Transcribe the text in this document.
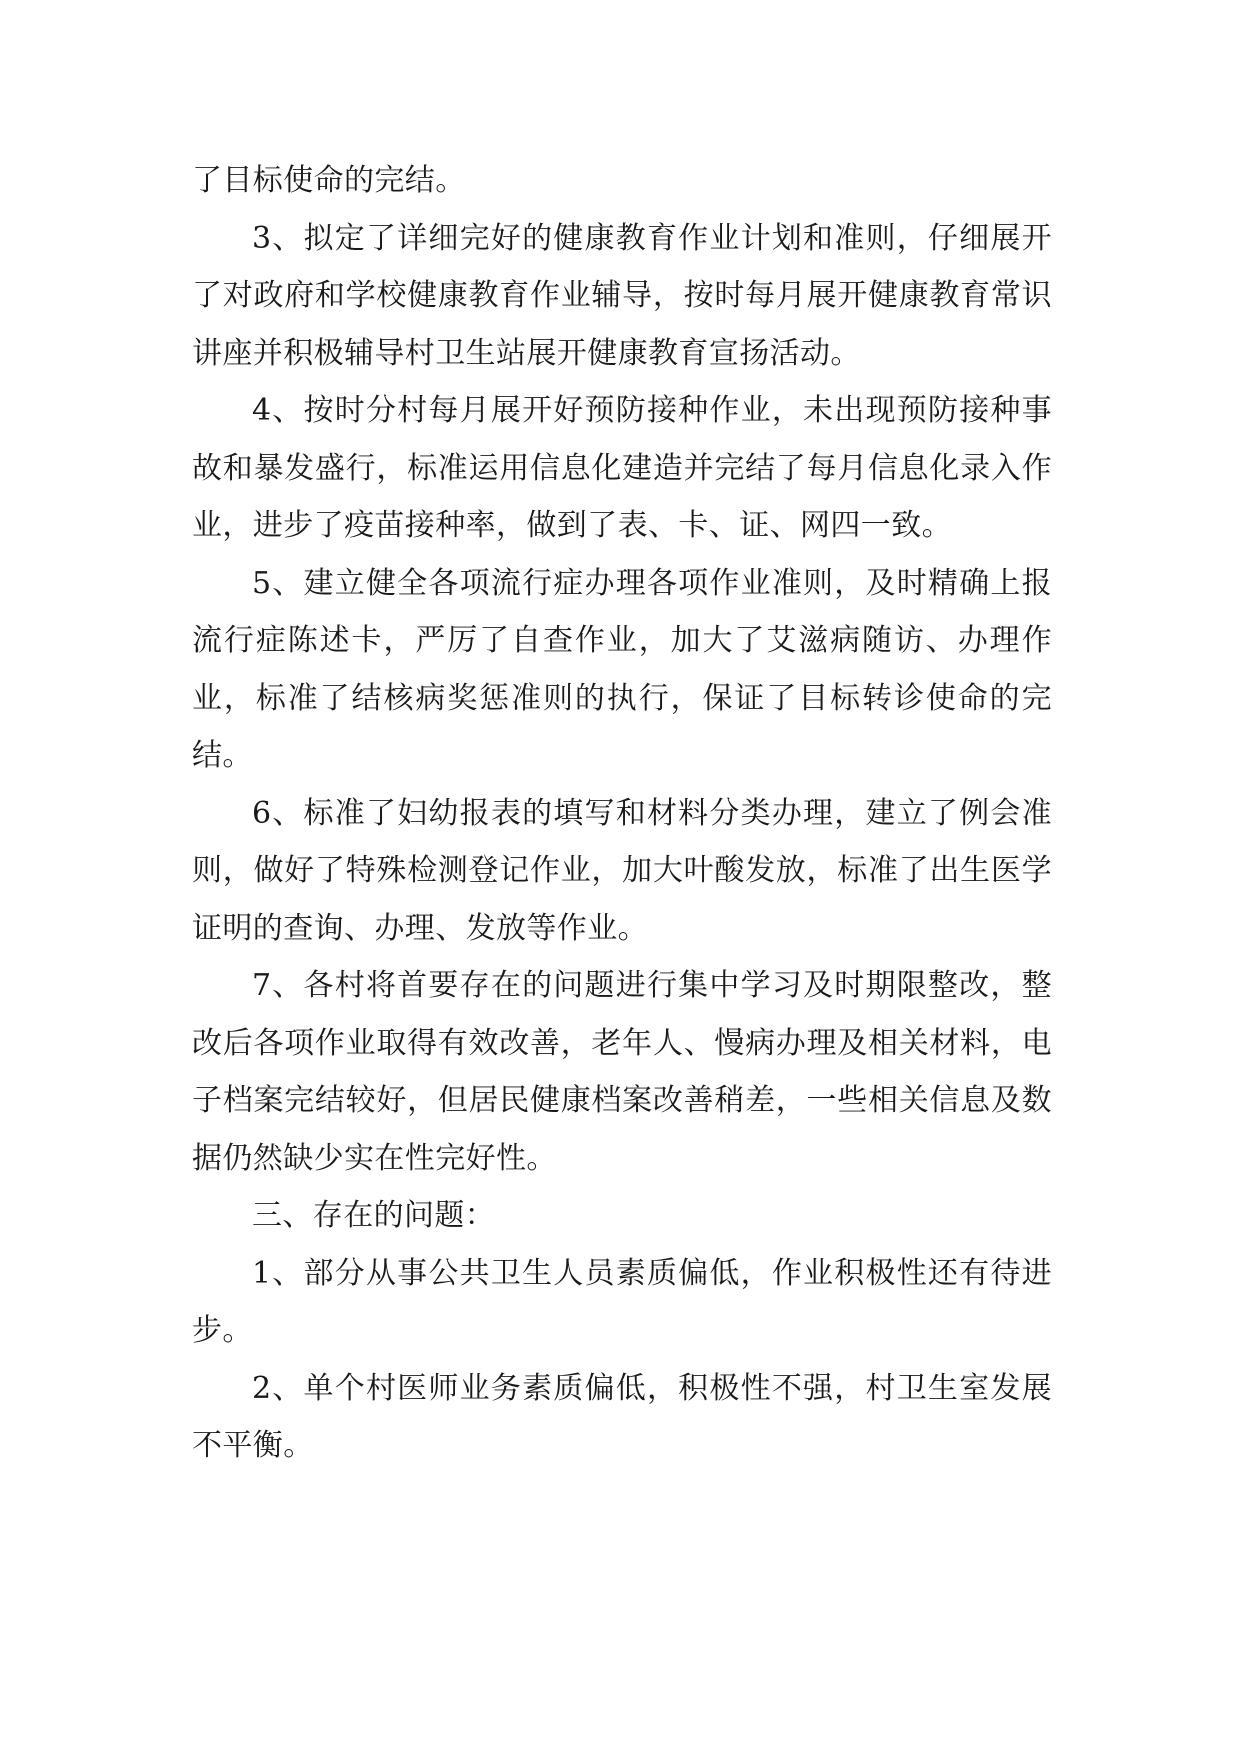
了目标使命的完结。

3、拟定了详细完好的健康教育作业计划和准则，仔细展开了对政府和学校健康教育作业辅导，按时每月展开健康教育常识讲座并积极辅导村卫生站展开健康教育宣扬活动。

4、按时分村每月展开好预防接种作业，未出现预防接种事故和暴发盛行，标准运用信息化建造并完结了每月信息化录入作业，进步了疫苗接种率，做到了表、卡、证、网四一致。

5、建立健全各项流行症办理各项作业准则，及时精确上报流行症陈述卡，严厉了自查作业，加大了艾滋病随访、办理作业，标准了结核病奖惩准则的执行，保证了目标转诊使命的完结。

6、标准了妇幼报表的填写和材料分类办理，建立了例会准则，做好了特殊检测登记作业，加大叶酸发放，标准了出生医学证明的查询、办理、发放等作业。

7、各村将首要存在的问题进行集中学习及时期限整改，整改后各项作业取得有效改善，老年人、慢病办理及相关材料，电子档案完结较好，但居民健康档案改善稍差，一些相关信息及数据仍然缺少实在性完好性。

三、存在的问题：

1、部分从事公共卫生人员素质偏低，作业积极性还有待进步。

2、单个村医师业务素质偏低，积极性不强，村卫生室发展不平衡。
